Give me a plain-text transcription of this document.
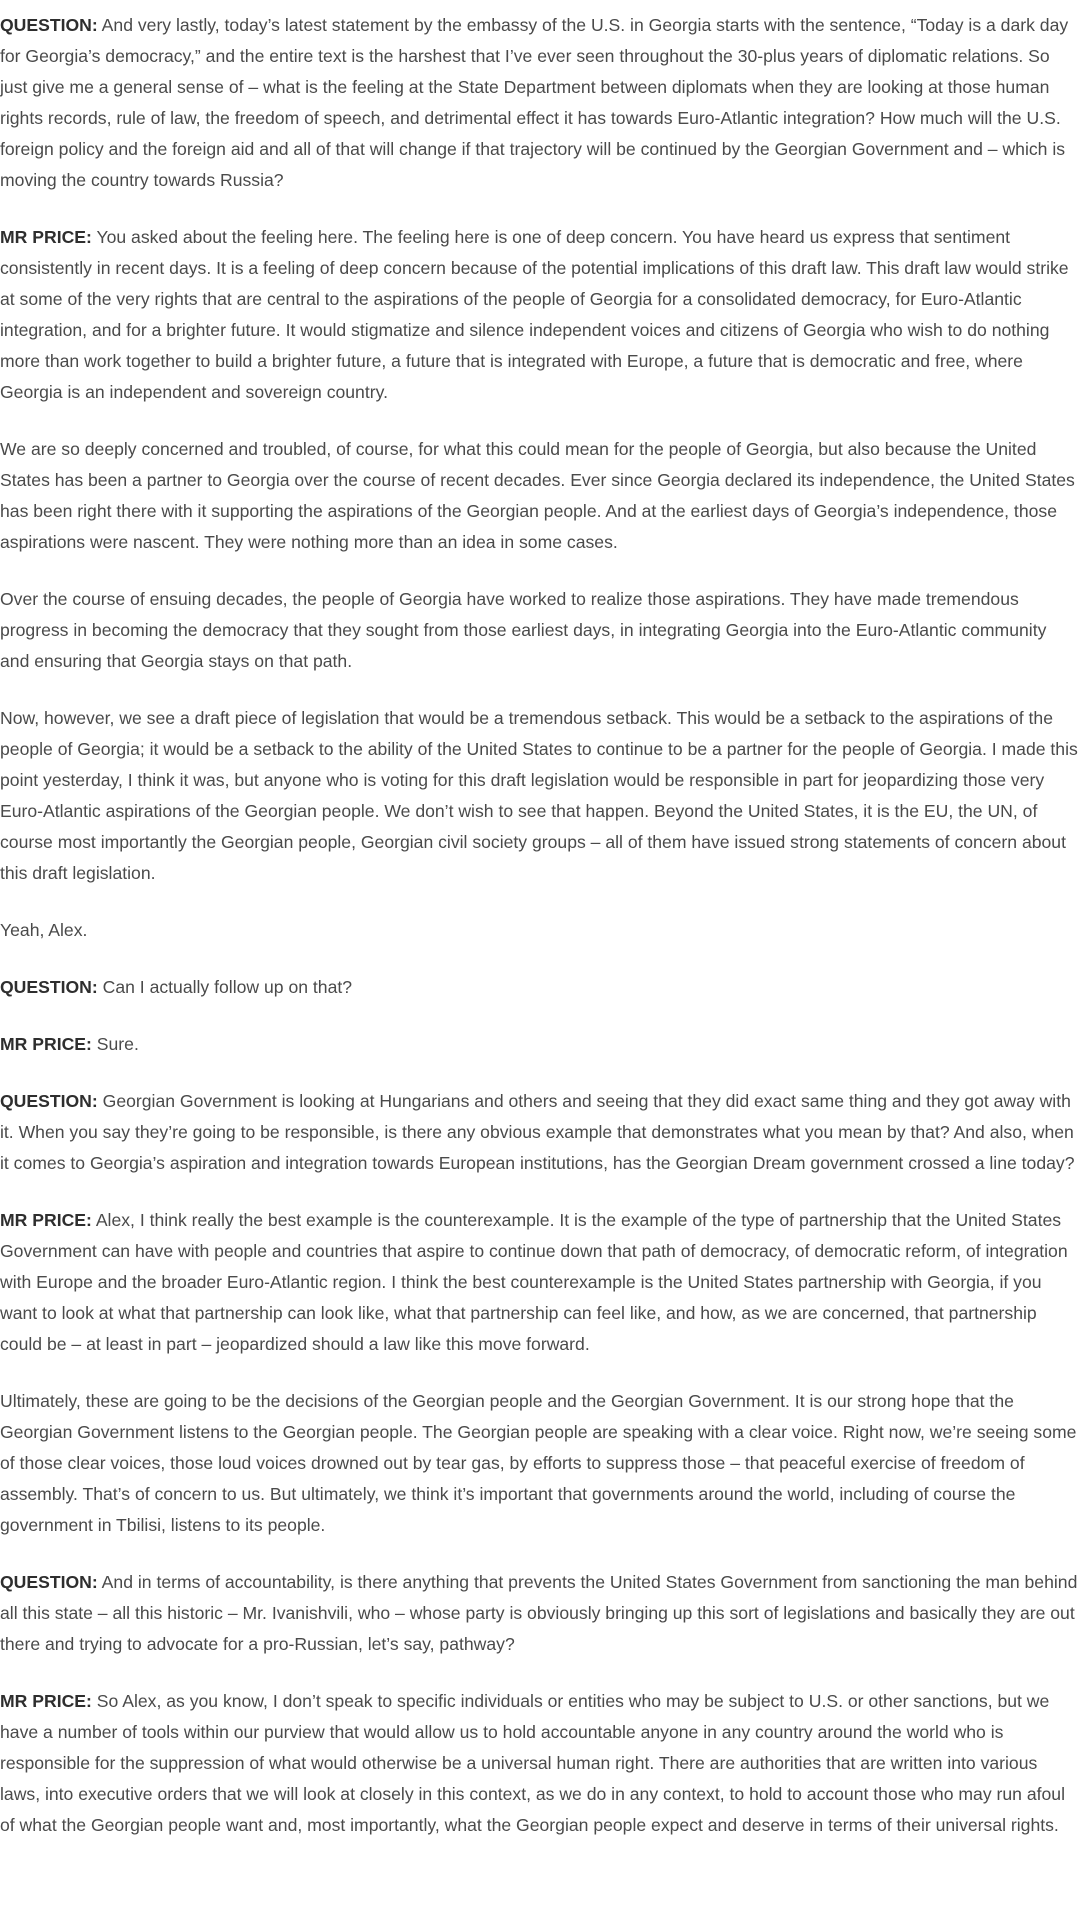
QUESTION: And very lastly, today’s latest statement by the embassy of the U.S. in Georgia starts with the sentence, “Today is a dark day for Georgia’s democracy,” and the entire text is the harshest that I’ve ever seen throughout the 30-plus years of diplomatic relations. So just give me a general sense of – what is the feeling at the State Department between diplomats when they are looking at those human rights records, rule of law, the freedom of speech, and detrimental effect it has towards Euro-Atlantic integration? How much will the U.S. foreign policy and the foreign aid and all of that will change if that trajectory will be continued by the Georgian Government and – which is moving the country towards Russia?

MR PRICE: You asked about the feeling here. The feeling here is one of deep concern. You have heard us express that sentiment consistently in recent days. It is a feeling of deep concern because of the potential implications of this draft law. This draft law would strike at some of the very rights that are central to the aspirations of the people of Georgia for a consolidated democracy, for Euro-Atlantic integration, and for a brighter future. It would stigmatize and silence independent voices and citizens of Georgia who wish to do nothing more than work together to build a brighter future, a future that is integrated with Europe, a future that is democratic and free, where Georgia is an independent and sovereign country.

We are so deeply concerned and troubled, of course, for what this could mean for the people of Georgia, but also because the United States has been a partner to Georgia over the course of recent decades. Ever since Georgia declared its independence, the United States has been right there with it supporting the aspirations of the Georgian people. And at the earliest days of Georgia’s independence, those aspirations were nascent. They were nothing more than an idea in some cases.

Over the course of ensuing decades, the people of Georgia have worked to realize those aspirations. They have made tremendous progress in becoming the democracy that they sought from those earliest days, in integrating Georgia into the Euro-Atlantic community and ensuring that Georgia stays on that path.

Now, however, we see a draft piece of legislation that would be a tremendous setback. This would be a setback to the aspirations of the people of Georgia; it would be a setback to the ability of the United States to continue to be a partner for the people of Georgia. I made this point yesterday, I think it was, but anyone who is voting for this draft legislation would be responsible in part for jeopardizing those very Euro-Atlantic aspirations of the Georgian people. We don’t wish to see that happen. Beyond the United States, it is the EU, the UN, of course most importantly the Georgian people, Georgian civil society groups – all of them have issued strong statements of concern about this draft legislation.

Yeah, Alex.

QUESTION: Can I actually follow up on that?

MR PRICE: Sure.

QUESTION: Georgian Government is looking at Hungarians and others and seeing that they did exact same thing and they got away with it. When you say they’re going to be responsible, is there any obvious example that demonstrates what you mean by that? And also, when it comes to Georgia’s aspiration and integration towards European institutions, has the Georgian Dream government crossed a line today?

MR PRICE: Alex, I think really the best example is the counterexample. It is the example of the type of partnership that the United States Government can have with people and countries that aspire to continue down that path of democracy, of democratic reform, of integration with Europe and the broader Euro-Atlantic region. I think the best counterexample is the United States partnership with Georgia, if you want to look at what that partnership can look like, what that partnership can feel like, and how, as we are concerned, that partnership could be – at least in part – jeopardized should a law like this move forward.

Ultimately, these are going to be the decisions of the Georgian people and the Georgian Government. It is our strong hope that the Georgian Government listens to the Georgian people. The Georgian people are speaking with a clear voice. Right now, we’re seeing some of those clear voices, those loud voices drowned out by tear gas, by efforts to suppress those – that peaceful exercise of freedom of assembly. That’s of concern to us. But ultimately, we think it’s important that governments around the world, including of course the government in Tbilisi, listens to its people.

QUESTION: And in terms of accountability, is there anything that prevents the United States Government from sanctioning the man behind all this state – all this historic – Mr. Ivanishvili, who – whose party is obviously bringing up this sort of legislations and basically they are out there and trying to advocate for a pro-Russian, let’s say, pathway?

MR PRICE: So Alex, as you know, I don’t speak to specific individuals or entities who may be subject to U.S. or other sanctions, but we have a number of tools within our purview that would allow us to hold accountable anyone in any country around the world who is responsible for the suppression of what would otherwise be a universal human right. There are authorities that are written into various laws, into executive orders that we will look at closely in this context, as we do in any context, to hold to account those who may run afoul of what the Georgian people want and, most importantly, what the Georgian people expect and deserve in terms of their universal rights.
